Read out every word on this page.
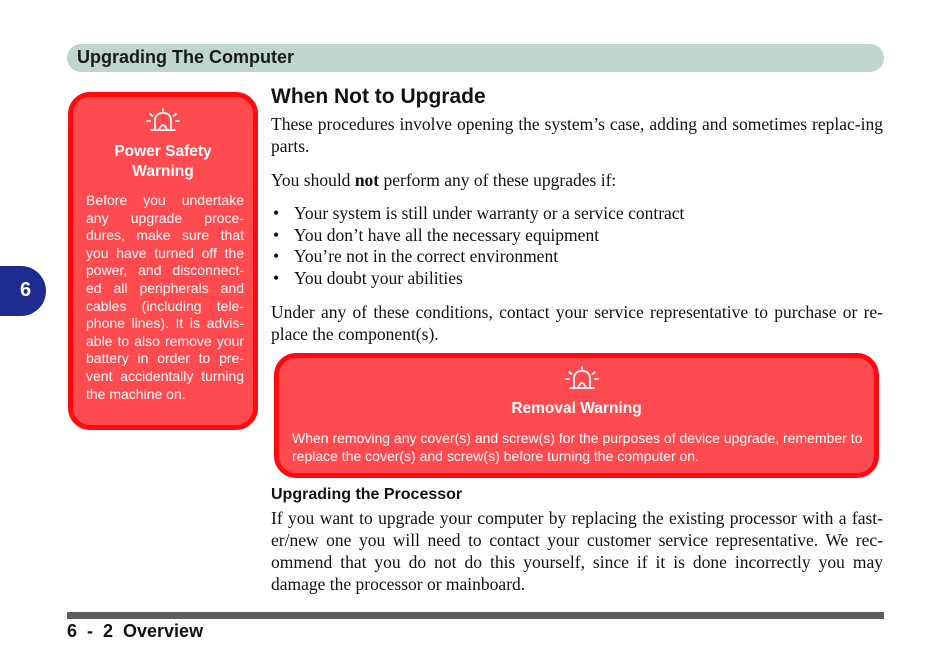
Upgrading The Computer
6
Power Safety Warning
Before you undertake any upgrade proce-dures, make sure that you have turned off the power, and disconnect-ed all peripherals and cables (including tele-phone lines). It is advis-able to also remove your battery in order to pre-vent accidentally turning the machine on.
When Not to Upgrade
These procedures involve opening the system’s case, adding and sometimes replac-ing parts.
You should not perform any of these upgrades if:
• Your system is still under warranty or a service contract
• You don’t have all the necessary equipment
• You’re not in the correct environment
• You doubt your abilities
Under any of these conditions, contact your service representative to purchase or re-place the component(s).
Removal Warning
When removing any cover(s) and screw(s) for the purposes of device upgrade, remember to replace the cover(s) and screw(s) before turning the computer on.
Upgrading the Processor
If you want to upgrade your computer by replacing the existing processor with a fast-er/new one you will need to contact your customer service representative. We rec-ommend that you do not do this yourself, since if it is done incorrectly you may damage the processor or mainboard.
6  -  2  Overview
